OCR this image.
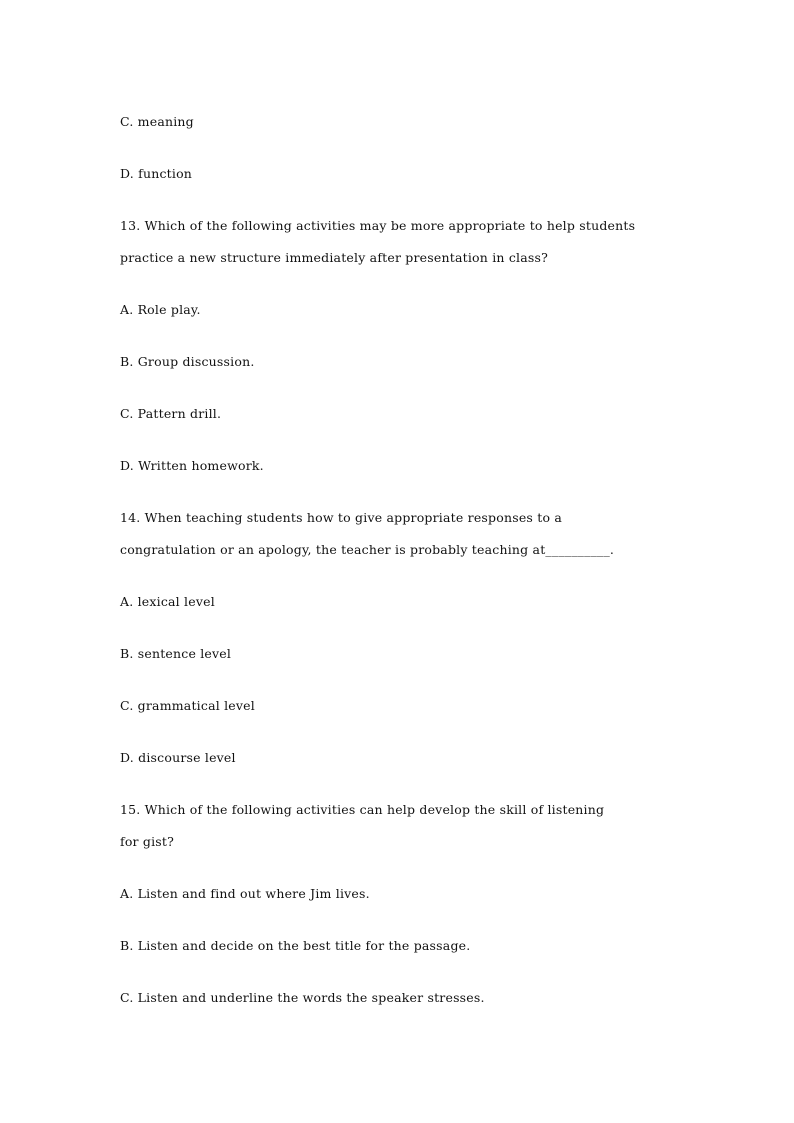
C. meaning
D. function
13. Which of the following activities may be more appropriate to help students
practice a new structure immediately after presentation in class?
A. Role play.
B. Group discussion.
C. Pattern drill.
D. Written homework.
14. When teaching students how to give appropriate responses to a
congratulation or an apology, the teacher is probably teaching at__________.
A. lexical level
B. sentence level
C. grammatical level
D. discourse level
15. Which of the following activities can help develop the skill of listening
for gist?
A. Listen and find out where Jim lives.
B. Listen and decide on the best title for the passage.
C. Listen and underline the words the speaker stresses.
